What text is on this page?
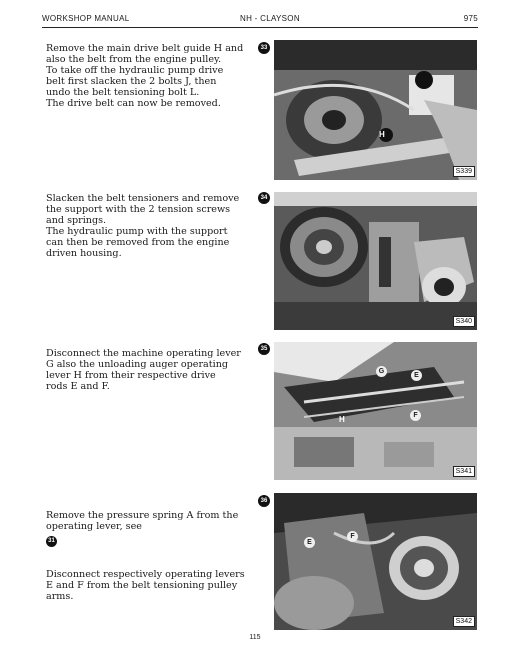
WORKSHOP MANUAL	NH - CLAYSON	975
Remove the main drive belt guide H and
also the belt from the engine pulley.
To take off the hydraulic pump drive
belt first slacken the 2 bolts J, then
undo the belt tensioning bolt L.
The drive belt can now be removed.
33
H
S339
Slacken the belt tensioners and remove
the support with the 2 tension screws
and springs.
The hydraulic pump with the support
can then be removed from the engine
driven housing.
34
S340
Disconnect the machine operating lever
G also the unloading auger operating
lever H from their respective drive
rods E and F.
35
G
E
H	F
S341

Remove the pressure spring A from the
operating lever, see
31

Disconnect respectively operating levers
E and F from the belt tensioning pulley
arms.

36
E
F
S342
115
